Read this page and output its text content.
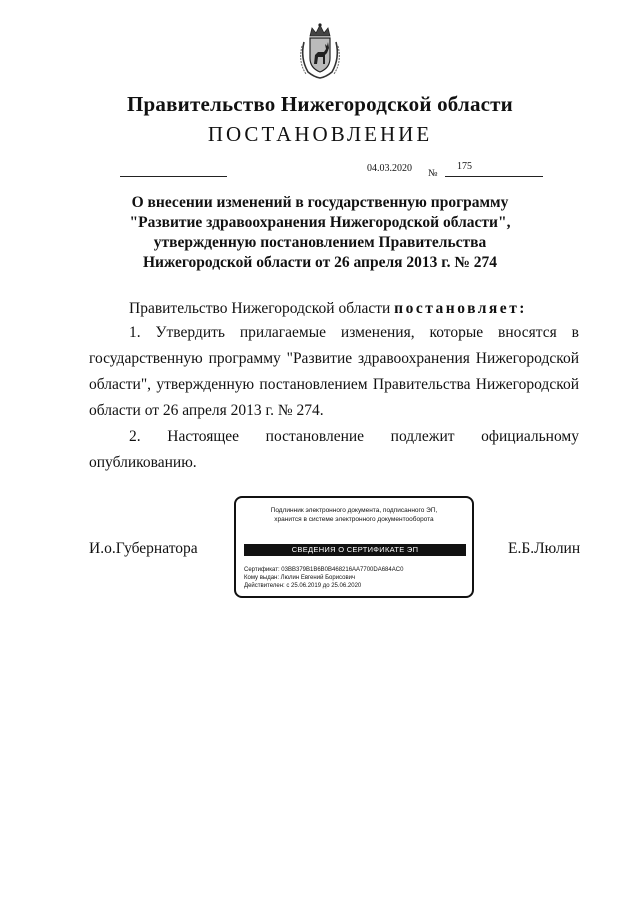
Правительство Нижегородской области
ПОСТАНОВЛЕНИЕ
04.03.2020 №
175
О внесении изменений в государственную программу
"Развитие здравоохранения Нижегородской области",
утвержденную постановлением Правительства
Нижегородской области от 26 апреля 2013 г. № 274
Правительство Нижегородской области постановляет:
1. Утвердить прилагаемые изменения, которые вносятся в государственную программу "Развитие здравоохранения Нижегородской области", утвержденную постановлением Правительства Нижегородской области от 26 апреля 2013 г. № 274.
2. Настоящее постановление подлежит официальному опубликованию.
И.о.Губернатора	Е.Б.Люлин
Подлинник электронного документа, подписанного ЭП,
хранится в системе электронного документооборота
СВЕДЕНИЯ О СЕРТИФИКАТЕ ЭП
Сертификат: 03BB379B1B6B0B468216AA7700DA684AC0
Кому выдан: Люлин Евгений Борисович
Действителен: с 25.06.2019 до 25.06.2020
